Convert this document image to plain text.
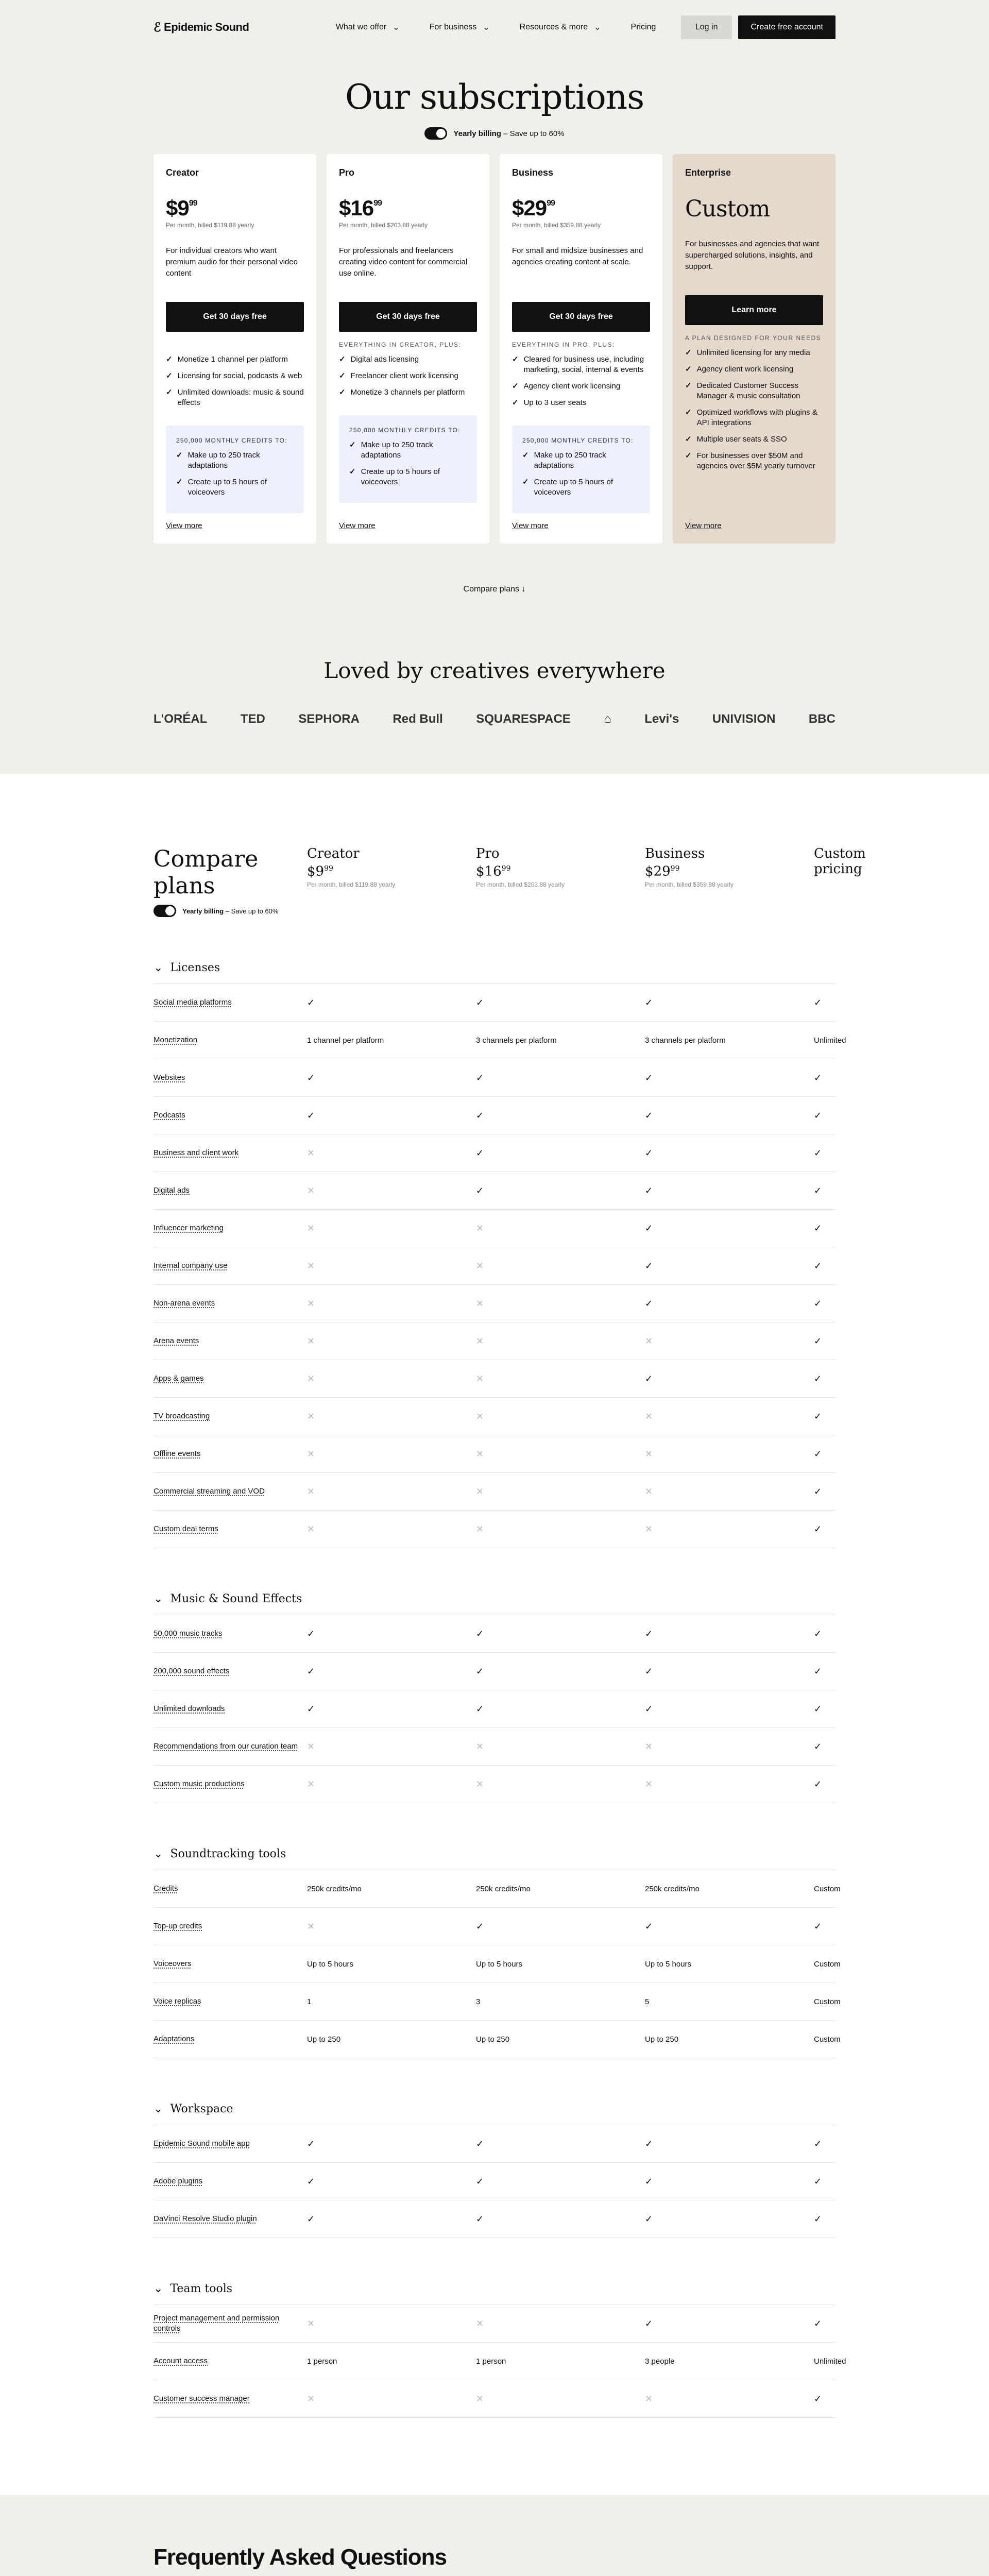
ℰ Epidemic Sound	What we offer ⌄	For business ⌄	Resources & more ⌄	Pricing	Log in	Create free account
Our subscriptions
Yearly billing – Save up to 60%
Creator
$\$9^{99}$
Per month, billed $119.88 yearly
For individual creators who want premium audio for their personal video content
Get 30 days free
✓ Monetize 1 channel per platform
✓ Licensing for social, podcasts & web
✓ Unlimited downloads: music & sound effects
250,000 MONTHLY CREDITS TO:
✓ Make up to 250 track adaptations
✓ Create up to 5 hours of voiceovers
View more
Pro
$\$16^{99}$
Per month, billed $203.88 yearly
For professionals and freelancers creating video content for commercial use online.
Get 30 days free
EVERYTHING IN CREATOR, PLUS:
✓ Digital ads licensing
✓ Freelancer client work licensing
✓ Monetize 3 channels per platform
250,000 MONTHLY CREDITS TO:
✓ Make up to 250 track adaptations
✓ Create up to 5 hours of voiceovers
View more
Business
$\$29^{99}$
Per month, billed $359.88 yearly
For small and midsize businesses and agencies creating content at scale.
Get 30 days free
EVERYTHING IN PRO, PLUS:
✓ Cleared for business use, including marketing, social, internal & events
✓ Agency client work licensing
✓ Up to 3 user seats
250,000 MONTHLY CREDITS TO:
✓ Make up to 250 track adaptations
✓ Create up to 5 hours of voiceovers
View more
Enterprise
Custom
For businesses and agencies that want supercharged solutions, insights, and support.
Learn more
A PLAN DESIGNED FOR YOUR NEEDS
✓ Unlimited licensing for any media
✓ Agency client work licensing
✓ Dedicated Customer Success Manager & music consultation
✓ Optimized workflows with plugins & API integrations
✓ Multiple user seats & SSO
✓ For businesses over $50M and agencies over $5M yearly turnover
View more
Compare plans ↓
Loved by creatives everywhere
L'ORÉAL	TED	SEPHORA	Red Bull	SQUARESPACE	⌂	Levi's	UNIVISION	BBC
Compare plans
Yearly billing – Save up to 60%
Creator
$\$9^{99}$
Per month, billed $119.88 yearly
Pro
$\$16^{99}$
Per month, billed $203.88 yearly
Business
$\$29^{99}$
Per month, billed $359.88 yearly
Custom pricing
⌄ Licenses
Social media platforms	✓	✓	✓	✓
Monetization	1 channel per platform	3 channels per platform	3 channels per platform	Unlimited
Websites	✓	✓	✓	✓
Podcasts	✓	✓	✓	✓
Business and client work	✕	✓	✓	✓
Digital ads	✕	✓	✓	✓
Influencer marketing	✕	✕	✓	✓
Internal company use	✕	✕	✓	✓
Non-arena events	✕	✕	✓	✓
Arena events	✕	✕	✕	✓
Apps & games	✕	✕	✓	✓
TV broadcasting	✕	✕	✕	✓
Offline events	✕	✕	✕	✓
Commercial streaming and VOD	✕	✕	✕	✓
Custom deal terms	✕	✕	✕	✓
⌄ Music & Sound Effects
50,000 music tracks	✓	✓	✓	✓
200,000 sound effects	✓	✓	✓	✓
Unlimited downloads	✓	✓	✓	✓
Recommendations from our curation team ✕	✕	✕	✓
Custom music productions	✕	✕	✕	✓
⌄ Soundtracking tools
Credits	250k credits/mo	250k credits/mo	250k credits/mo	Custom
Top-up credits	✕	✓	✓	✓
Voiceovers	Up to 5 hours	Up to 5 hours	Up to 5 hours	Custom
Voice replicas	1	3	5	Custom
Adaptations	Up to 250	Up to 250	Up to 250	Custom
⌄ Workspace
Epidemic Sound mobile app	✓	✓	✓	✓
Adobe plugins	✓	✓	✓	✓
DaVinci Resolve Studio plugin	✓	✓	✓	✓
⌄ Team tools
Project management and permission controls	✕	✕	✓	✓
Account access	1 person	1 person	3 people	Unlimited
Customer success manager	✕	✕	✕	✓
Frequently Asked Questions
